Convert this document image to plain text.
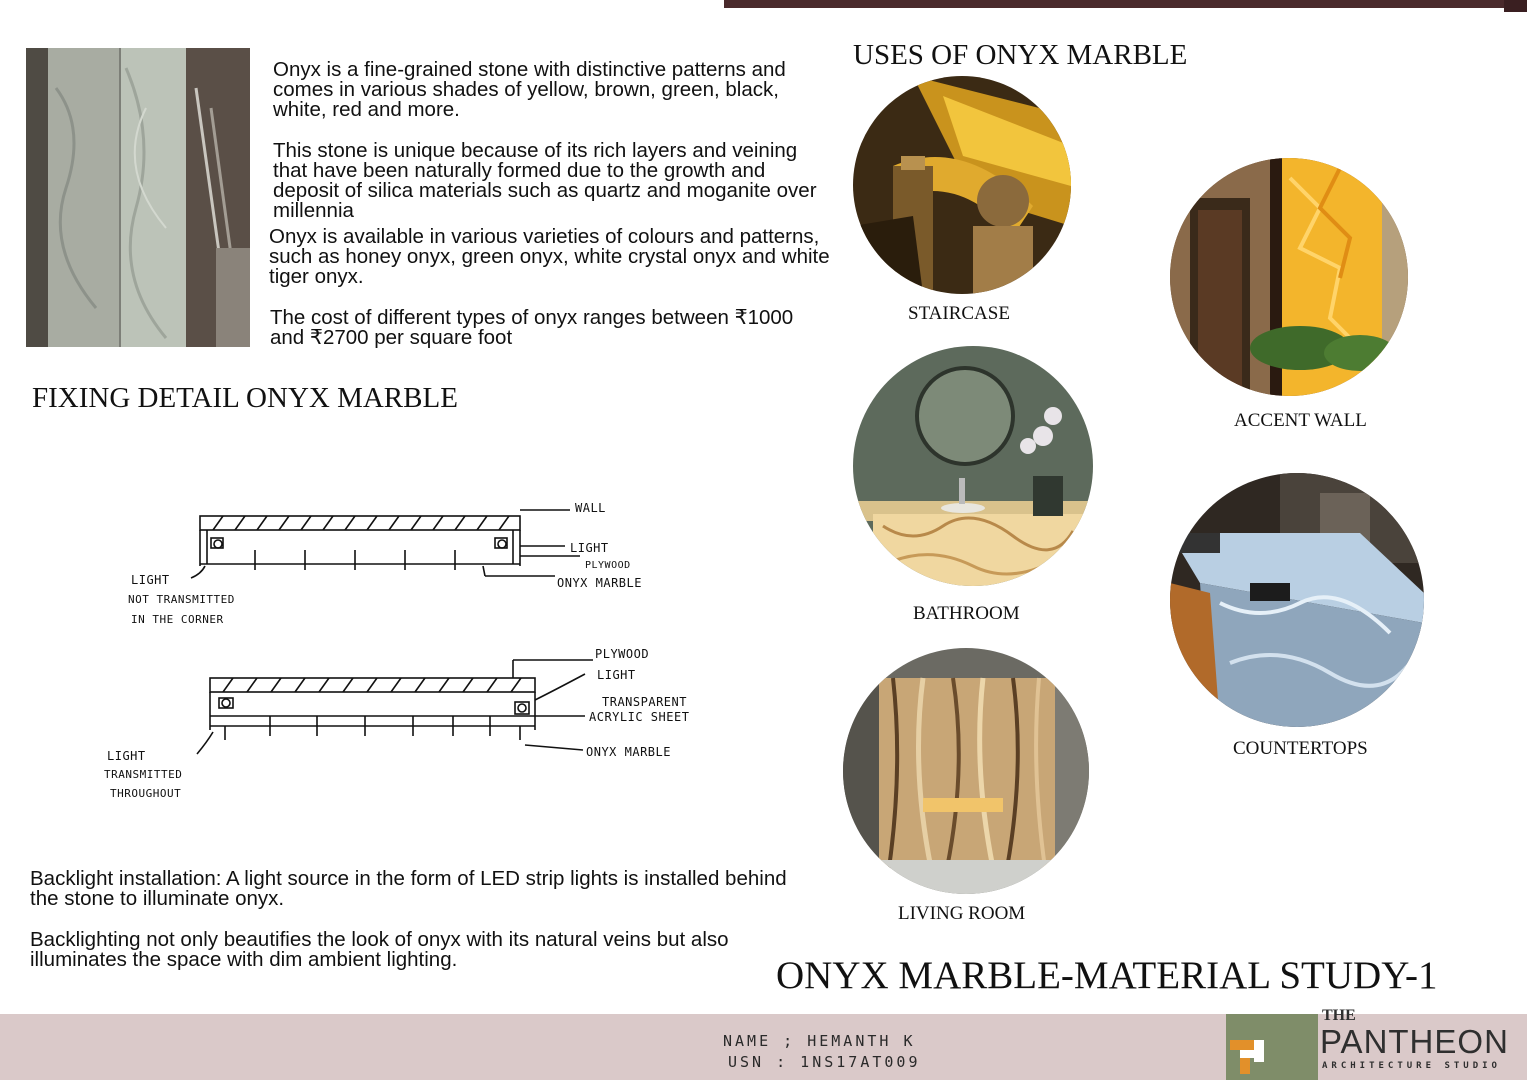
Onyx is a fine-grained stone with distinctive patterns and comes in various shades of yellow, brown, green, black, white, red and more.

This stone is unique because of its rich layers and veining that have been naturally formed due to the growth and deposit of silica materials such as quartz and moganite over millennia

Onyx is available in various varieties of colours and patterns, such as honey onyx, green onyx, white crystal onyx and white tiger onyx.

The cost of different types of onyx ranges between ₹1000 and ₹2700 per square foot

FIXING DETAIL ONYX MARBLE
WALL
LIGHT
PLYWOOD
ONYX MARBLE
LIGHT
NOT TRANSMITTED
IN THE CORNER
PLYWOOD
LIGHT
TRANSPARENT
ACRYLIC SHEET
ONYX MARBLE
LIGHT
TRANSMITTED
THROUGHOUT

Backlight installation: A light source in the form of LED strip lights is installed behind the stone to illuminate onyx.

Backlighting not only beautifies the look of onyx with its natural veins but also illuminates the space with dim ambient lighting.

USES OF ONYX MARBLE
STAIRCASE
ACCENT WALL
BATHROOM
COUNTERTOPS
LIVING ROOM
ONYX MARBLE-MATERIAL STUDY-1
NAME ; HEMANTH K
USN : 1NS17AT009
THE
PANTHEON
ARCHITECTURE STUDIO
